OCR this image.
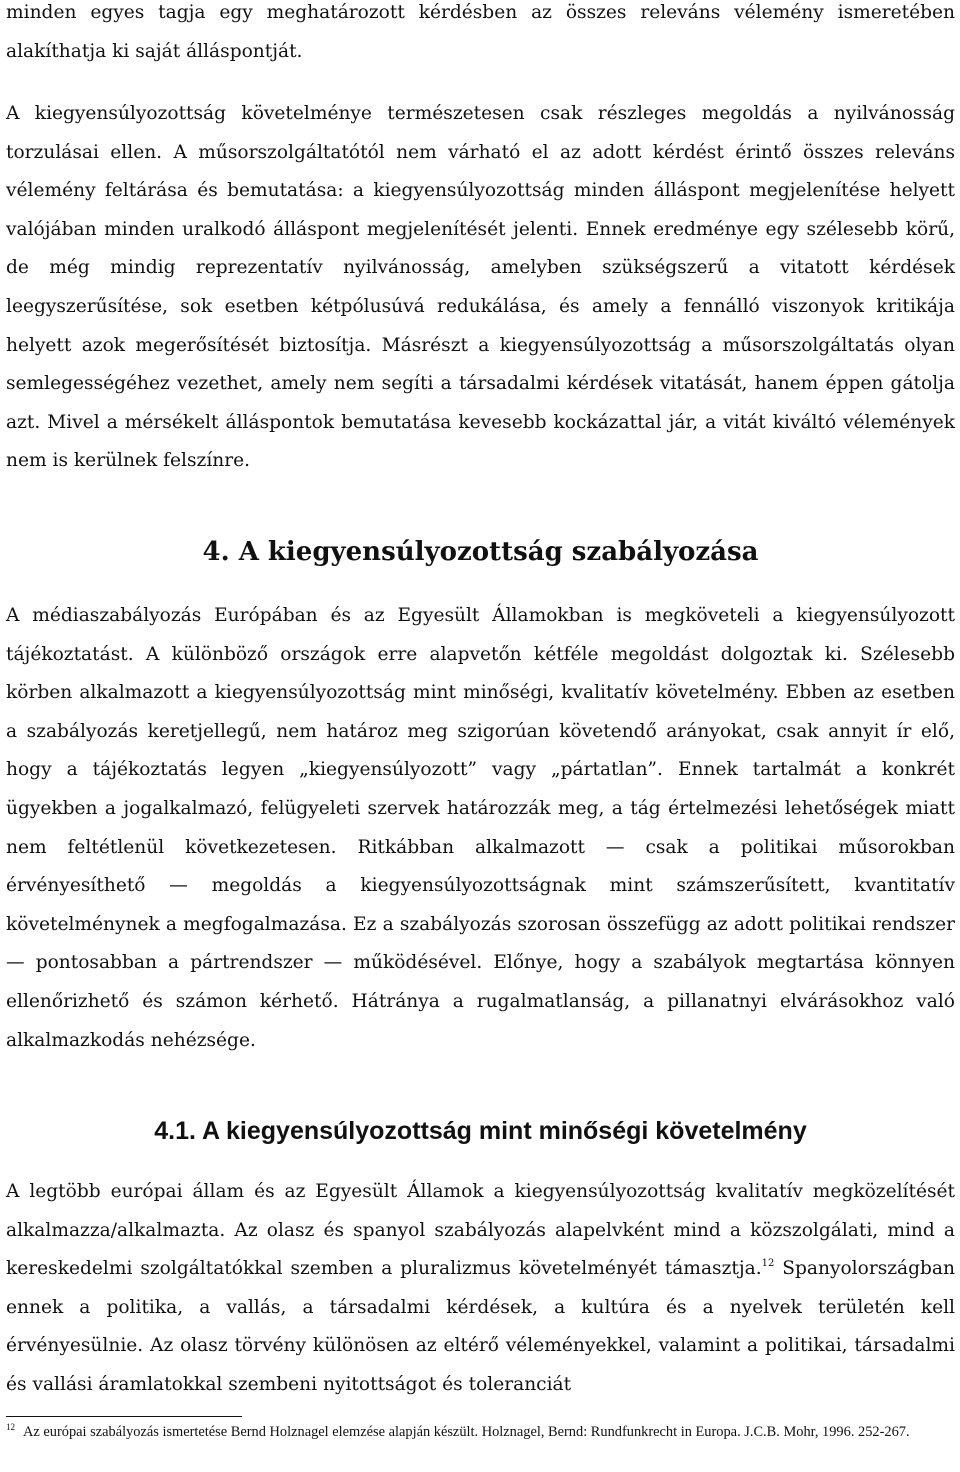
minden egyes tagja egy meghatározott kérdésben az összes releváns vélemény ismeretében alakíthatja ki saját álláspontját.

A kiegyensúlyozottság követelménye természetesen csak részleges megoldás a nyilvánosság torzulásai ellen. A műsorszolgáltatótól nem várható el az adott kérdést érintő összes releváns vélemény feltárása és bemutatása: a kiegyensúlyozottság minden álláspont megjelenítése helyett valójában minden uralkodó álláspont megjelenítését jelenti. Ennek eredménye egy szélesebb körű, de még mindig reprezentatív nyilvánosság, amelyben szükségszerű a vitatott kérdések leegyszerűsítése, sok esetben kétpólusúvá redukálása, és amely a fennálló viszonyok kritikája helyett azok megerősítését biztosítja. Másrészt a kiegyensúlyozottság a műsorszolgáltatás olyan semlegességéhez vezethet, amely nem segíti a társadalmi kérdések vitatását, hanem éppen gátolja azt. Mivel a mérsékelt álláspontok bemutatása kevesebb kockázattal jár, a vitát kiváltó vélemények nem is kerülnek felszínre.

4. A kiegyensúlyozottság szabályozása

A médiaszabályozás Európában és az Egyesült Államokban is megköveteli a kiegyensúlyozott tájékoztatást. A különböző országok erre alapvetőn kétféle megoldást dolgoztak ki. Szélesebb körben alkalmazott a kiegyensúlyozottság mint minőségi, kvalitatív követelmény. Ebben az esetben a szabályozás keretjellegű, nem határoz meg szigorúan követendő arányokat, csak annyit ír elő, hogy a tájékoztatás legyen „kiegyensúlyozott” vagy „pártatlan”. Ennek tartalmát a konkrét ügyekben a jogalkalmazó, felügyeleti szervek határozzák meg, a tág értelmezési lehetőségek miatt nem feltétlenül következetesen. Ritkábban alkalmazott — csak a politikai műsorokban érvényesíthető — megoldás a kiegyensúlyozottságnak mint számszerűsített, kvantitatív követelménynek a megfogalmazása. Ez a szabályozás szorosan összefügg az adott politikai rendszer — pontosabban a pártrendszer — működésével. Előnye, hogy a szabályok megtartása könnyen ellenőrizhető és számon kérhető. Hátránya a rugalmatlanság, a pillanatnyi elvárásokhoz való alkalmazkodás nehézsége.

4.1. A kiegyensúlyozottság mint minőségi követelmény

A legtöbb európai állam és az Egyesült Államok a kiegyensúlyozottság kvalitatív megközelítését alkalmazza/alkalmazta. Az olasz és spanyol szabályozás alapelvként mind a közszolgálati, mind a kereskedelmi szolgáltatókkal szemben a pluralizmus követelményét támasztja.$^{12}$ Spanyolországban ennek a politika, a vallás, a társadalmi kérdések, a kultúra és a nyelvek területén kell érvényesülnie. Az olasz törvény különösen az eltérő véleményekkel, valamint a politikai, társadalmi és vallási áramlatokkal szembeni nyitottságot és toleranciát

$^{12}$ Az európai szabályozás ismertetése Bernd Holznagel elemzése alapján készült. Holznagel, Bernd: Rundfunkrecht in Europa. J.C.B. Mohr, 1996. 252-267.
